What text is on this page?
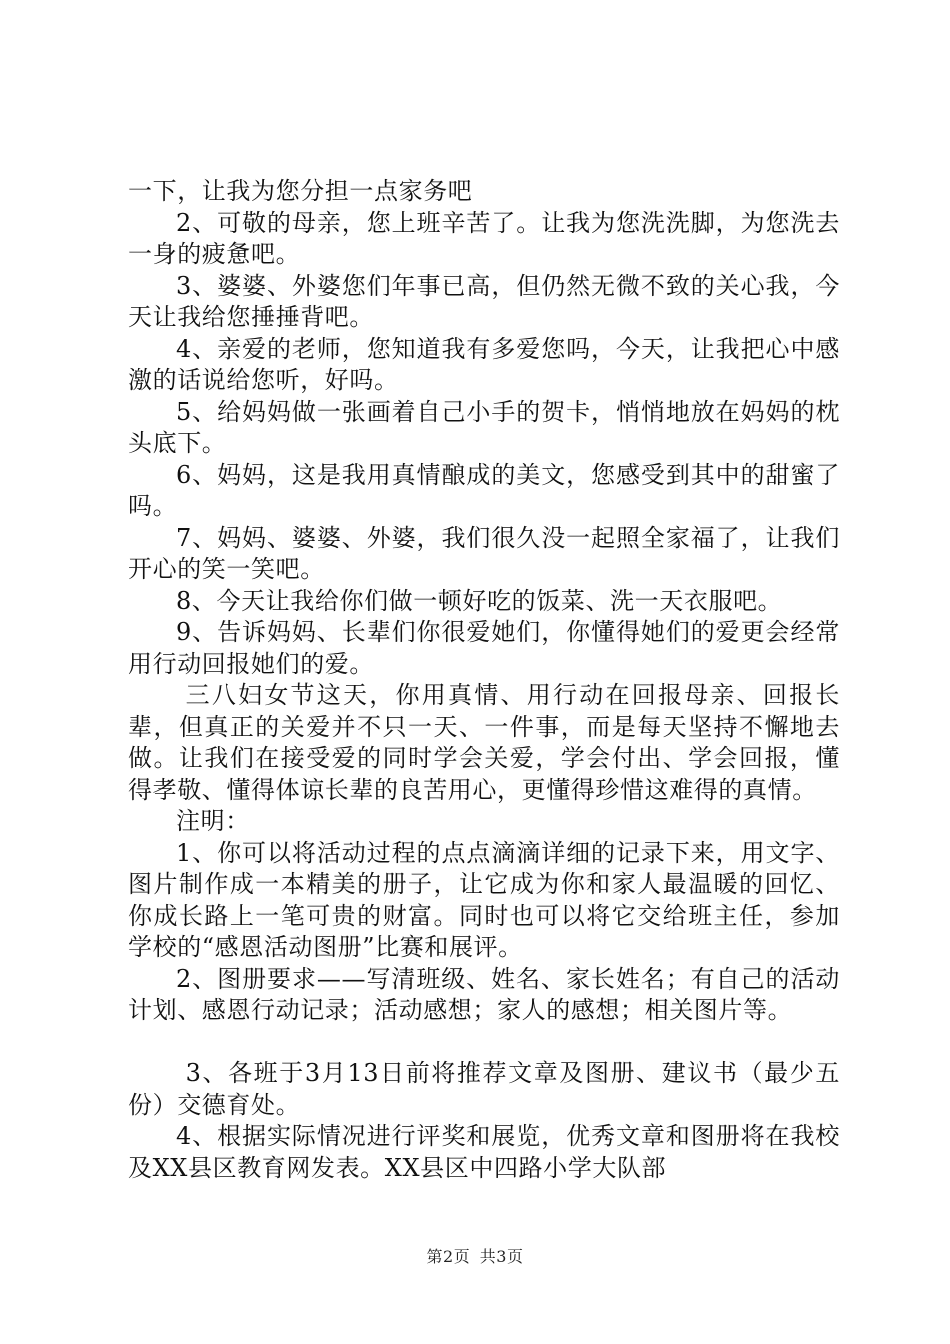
一下，让我为您分担一点家务吧

2、可敬的母亲，您上班辛苦了。让我为您洗洗脚，为您洗去一身的疲惫吧。

3、婆婆、外婆您们年事已高，但仍然无微不致的关心我，今天让我给您捶捶背吧。

4、亲爱的老师，您知道我有多爱您吗，今天，让我把心中感激的话说给您听，好吗。

5、给妈妈做一张画着自己小手的贺卡，悄悄地放在妈妈的枕头底下。

6、妈妈，这是我用真情酿成的美文，您感受到其中的甜蜜了吗。

7、妈妈、婆婆、外婆，我们很久没一起照全家福了，让我们开心的笑一笑吧。

8、今天让我给你们做一顿好吃的饭菜、洗一天衣服吧。

9、告诉妈妈、长辈们你很爱她们，你懂得她们的爱更会经常用行动回报她们的爱。

三八妇女节这天，你用真情、用行动在回报母亲、回报长辈，但真正的关爱并不只一天、一件事，而是每天坚持不懈地去做。让我们在接受爱的同时学会关爱，学会付出、学会回报，懂得孝敬、懂得体谅长辈的良苦用心，更懂得珍惜这难得的真情。

注明：

1、你可以将活动过程的点点滴滴详细的记录下来，用文字、图片制作成一本精美的册子，让它成为你和家人最温暖的回忆、你成长路上一笔可贵的财富。同时也可以将它交给班主任，参加学校的“感恩活动图册”比赛和展评。

2、图册要求——写清班级、姓名、家长姓名；有自己的活动计划、感恩行动记录；活动感想；家人的感想；相关图片等。

3、各班于3月13日前将推荐文章及图册、建议书（最少五份）交德育处。

4、根据实际情况进行评奖和展览，优秀文章和图册将在我校及XX县区教育网发表。XX县区中四路小学大队部

第2页 共3页
